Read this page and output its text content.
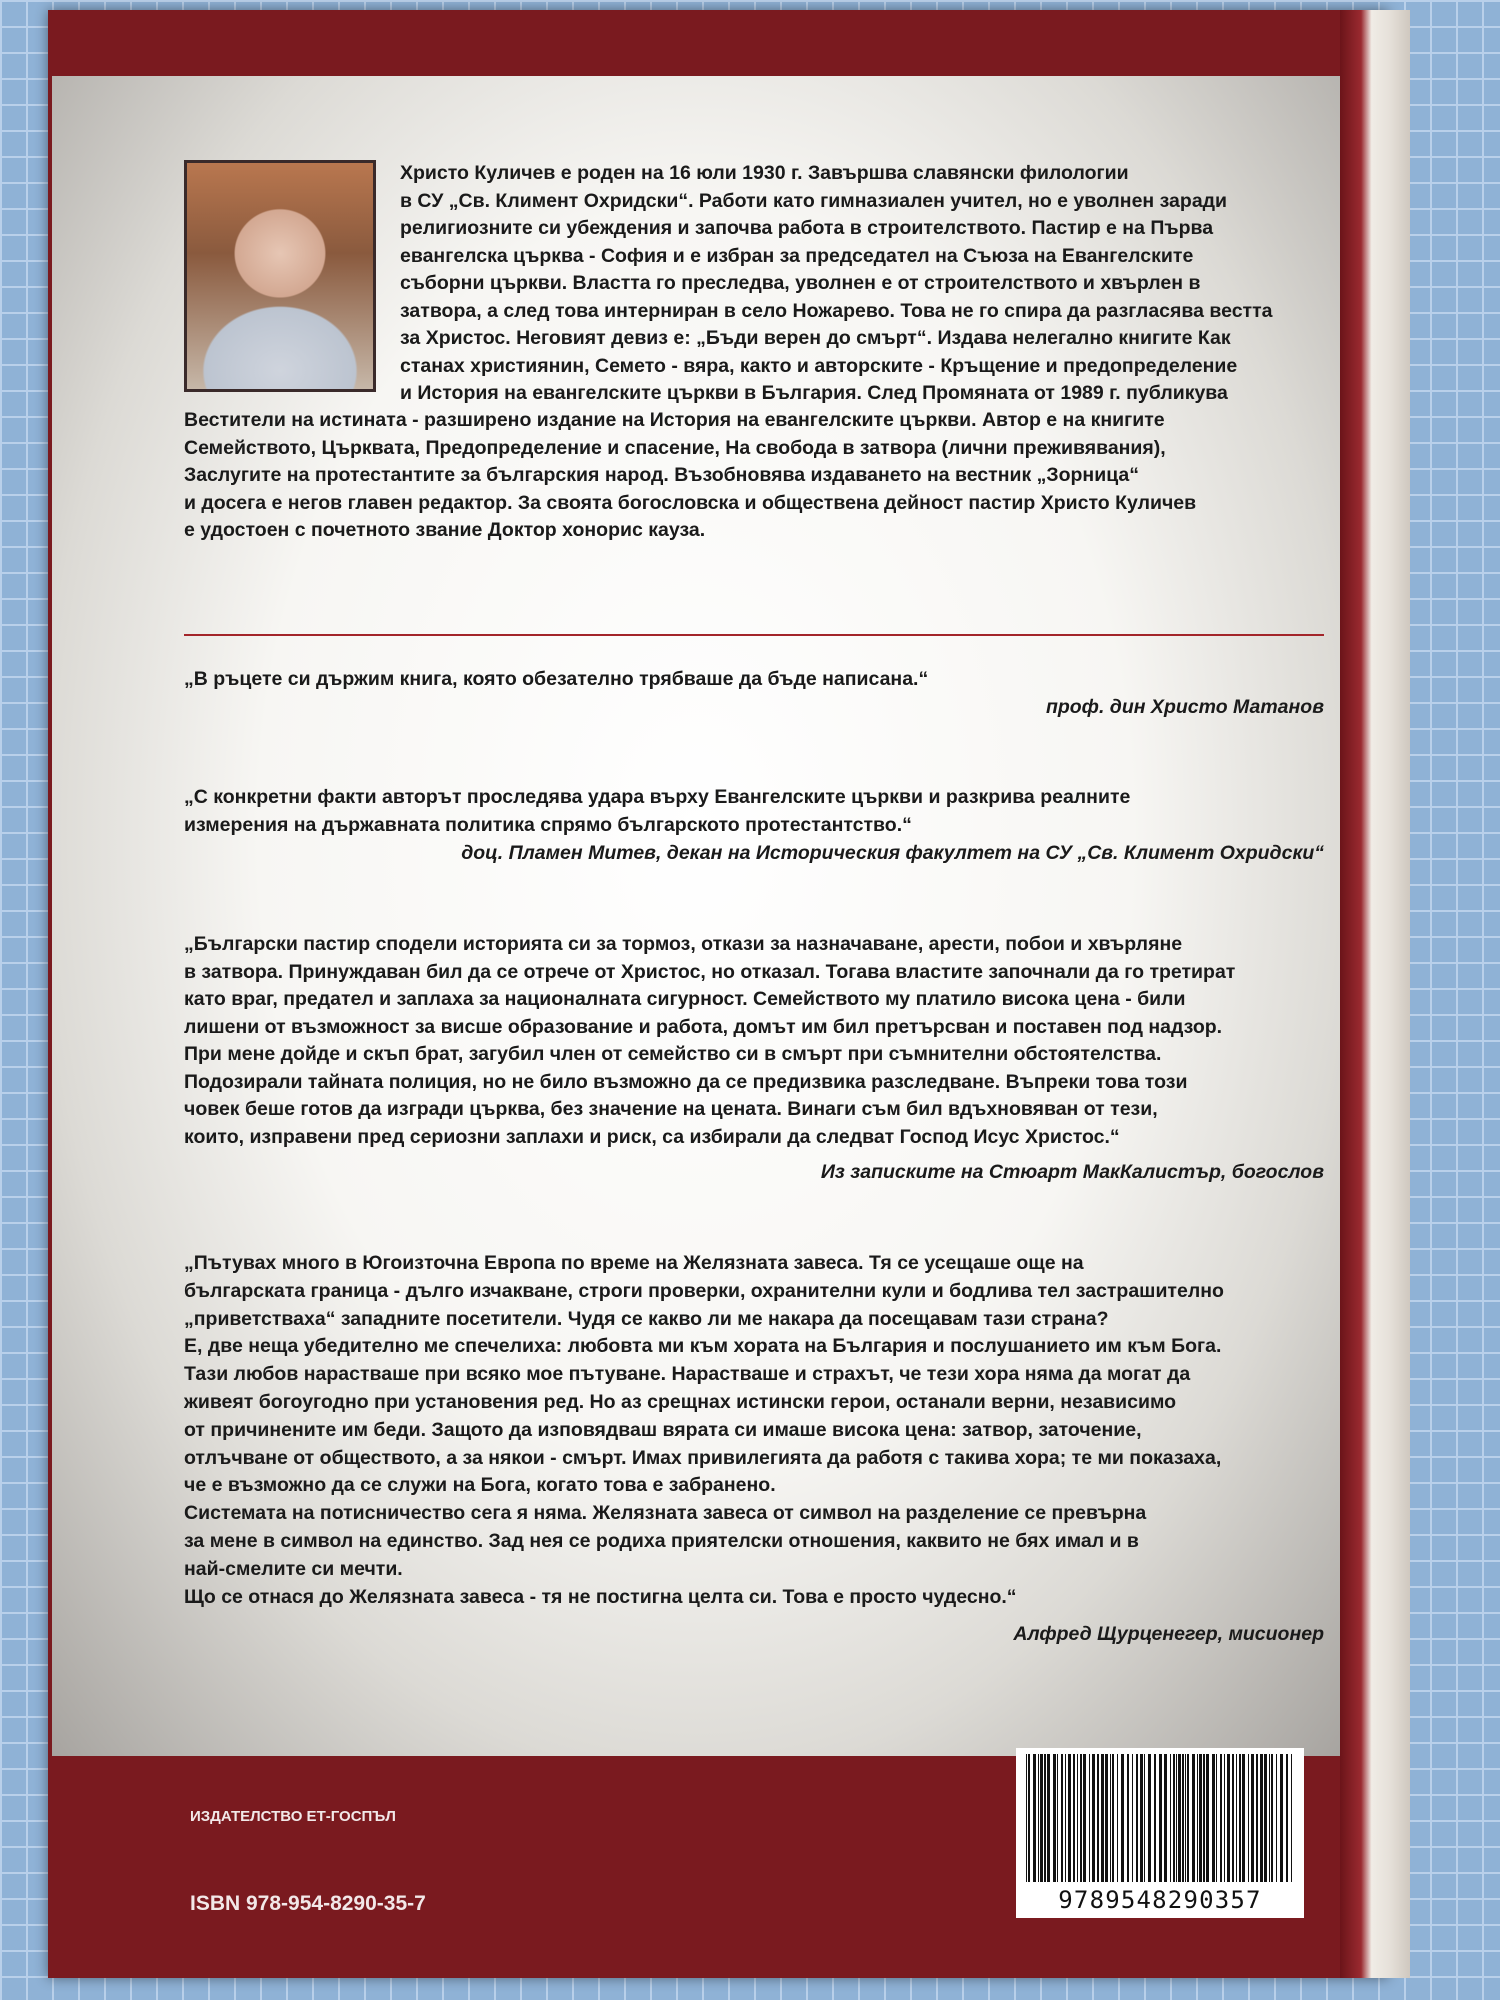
Христо Куличев е роден на 16 юли 1930 г. Завършва славянски филологии

в СУ „Св. Климент Охридски“. Работи като гимназиален учител, но е уволнен заради

религиозните си убеждения и започва работа в строителството. Пастир е на Първа

евангелска църква - София и е избран за председател на Съюза на Евангелските

съборни църкви. Властта го преследва, уволнен е от строителството и хвърлен в

затвора, а след това интерниран в село Ножарево. Това не го спира да разгласява вестта

за Христос. Неговият девиз е: „Бъди верен до смърт“. Издава нелегално книгите Как

станах християнин, Семето - вяра, както и авторските - Кръщение и предопределение

и История на евангелските църкви в България. След Промяната от 1989 г. публикува

Вестители на истината - разширено издание на История на евангелските църкви. Автор е на книгите

Семейството, Църквата, Предопределение и спасение, На свобода в затвора (лични преживявания),

Заслугите на протестантите за българския народ. Възобновява издаването на вестник „Зорница“

и досега е негов главен редактор. За своята богословска и обществена дейност пастир Христо Куличев

е удостоен с почетното звание Доктор хонорис кауза.

„В ръцете си държим книга, която обезателно трябваше да бъде написана.“

проф. дин Христо Матанов

„С конкретни факти авторът проследява удара върху Евангелските църкви и разкрива реалните

измерения на държавната политика спрямо българското протестантство.“

доц. Пламен Митев, декан на Историческия факултет на СУ „Св. Климент Охридски“

„Български пастир сподели историята си за тормоз, откази за назначаване, арести, побои и хвърляне

в затвора. Принуждаван бил да се отрече от Христос, но отказал. Тогава властите започнали да го третират

като враг, предател и заплаха за националната сигурност. Семейството му платило висока цена - били

лишени от възможност за висше образование и работа, домът им бил претърсван и поставен под надзор.

При мене дойде и скъп брат, загубил член от семейство си в смърт при съмнителни обстоятелства.

Подозирали тайната полиция, но не било възможно да се предизвика разследване. Въпреки това този

човек беше готов да изгради църква, без значение на цената. Винаги съм бил вдъхновяван от тези,

които, изправени пред сериозни заплахи и риск, са избирали да следват Господ Исус Христос.“

Из записките на Стюарт МакКалистър, богослов

„Пътувах много в Югоизточна Европа по време на Желязната завеса. Тя се усещаше още на

българската граница - дълго изчакване, строги проверки, охранителни кули и бодлива тел застрашително

„приветстваха“ западните посетители. Чудя се какво ли ме накара да посещавам тази страна?

Е, две неща убедително ме спечелиха: любовта ми към хората на България и послушанието им към Бога.

Тази любов нарастваше при всяко мое пътуване. Нарастваше и страхът, че тези хора няма да могат да

живеят богоугодно при установения ред. Но аз срещнах истински герои, останали верни, независимо

от причинените им беди. Защото да изповядваш вярата си имаше висока цена: затвор, заточение,

отлъчване от обществото, а за някои - смърт. Имах привилегията да работя с такива хора; те ми показаха,

че е възможно да се служи на Бога, когато това е забранено.

Системата на потисничество сега я няма. Желязната завеса от символ на разделение се превърна

за мене в символ на единство. Зад нея се родиха приятелски отношения, каквито не бях имал и в

най-смелите си мечти.

Що се отнася до Желязната завеса - тя не постигна целта си. Това е просто чудесно.“

Алфред Щурценегер, мисионер
ИЗДАТЕЛСТВО ЕТ-ГОСПЪЛ
ISBN 978-954-8290-35-7	9789548290357
